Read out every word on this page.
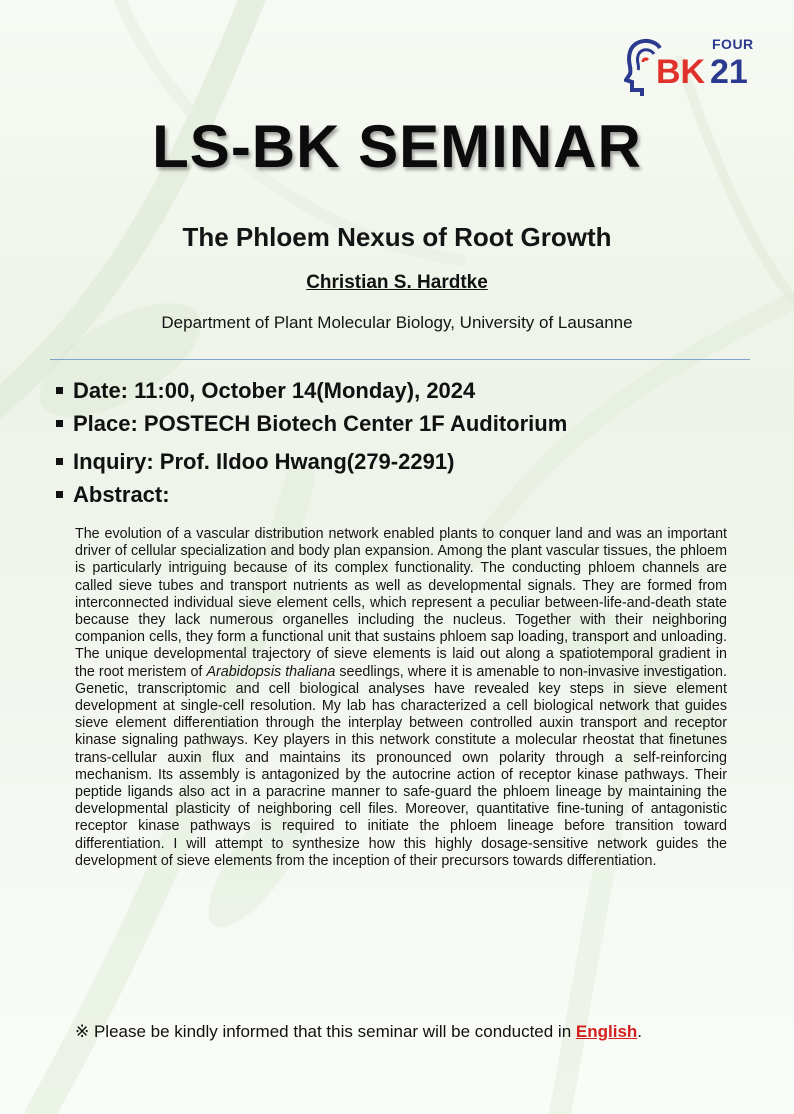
FOUR
BK 21
LS-BK SEMINAR
The Phloem Nexus of Root Growth
Christian S. Hardtke
Department of Plant Molecular Biology, University of Lausanne
Date: 11:00, October 14(Monday), 2024
Place: POSTECH Biotech Center 1F Auditorium
Inquiry: Prof. Ildoo Hwang(279-2291)
Abstract:
The evolution of a vascular distribution network enabled plants to conquer land and was an important driver of cellular specialization and body plan expansion. Among the plant vascular tissues, the phloem is particularly intriguing because of its complex functionality. The conducting phloem channels are called sieve tubes and transport nutrients as well as developmental signals. They are formed from interconnected individual sieve element cells, which represent a peculiar between-life-and-death state because they lack numerous organelles including the nucleus. Together with their neighboring companion cells, they form a functional unit that sustains phloem sap loading, transport and unloading. The unique developmental trajectory of sieve elements is laid out along a spatiotemporal gradient in the root meristem of Arabidopsis thaliana seedlings, where it is amenable to non-invasive investigation. Genetic, transcriptomic and cell biological analyses have revealed key steps in sieve element development at single-cell resolution. My lab has characterized a cell biological network that guides sieve element differentiation through the interplay between controlled auxin transport and receptor kinase signaling pathways. Key players in this network constitute a molecular rheostat that finetunes trans-cellular auxin flux and maintains its pronounced own polarity through a self-reinforcing mechanism. Its assembly is antagonized by the autocrine action of receptor kinase pathways. Their peptide ligands also act in a paracrine manner to safe-guard the phloem lineage by maintaining the developmental plasticity of neighboring cell files. Moreover, quantitative fine-tuning of antagonistic receptor kinase pathways is required to initiate the phloem lineage before transition toward differentiation. I will attempt to synthesize how this highly dosage-sensitive network guides the development of sieve elements from the inception of their precursors towards differentiation.
※ Please be kindly informed that this seminar will be conducted in English.
